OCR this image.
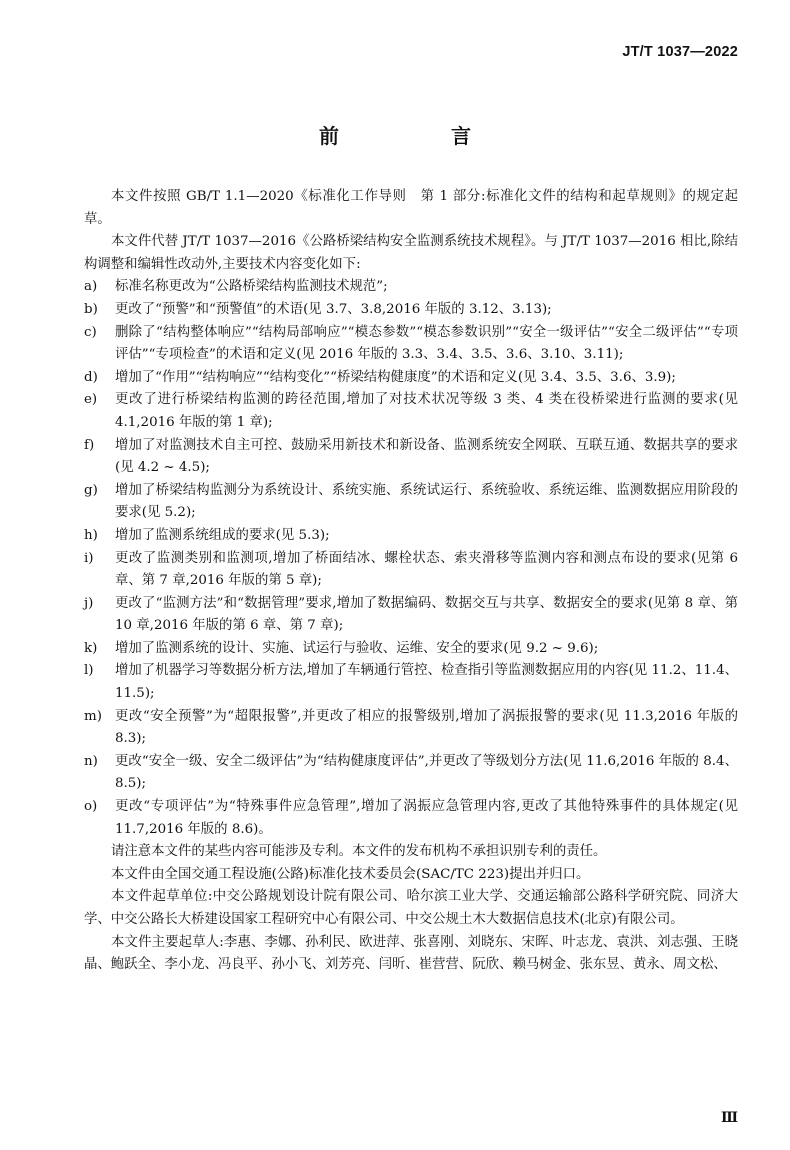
JT/T 1037—2022
前　言

本文件按照 GB/T 1.1—2020《标准化工作导则　第 1 部分:标准化文件的结构和起草规则》的规定起草。

本文件代替 JT/T 1037—2016《公路桥梁结构安全监测系统技术规程》。与 JT/T 1037—2016 相比,除结构调整和编辑性改动外,主要技术内容变化如下:

a)	标准名称更改为“公路桥梁结构监测技术规范”;
b)	更改了“预警”和“预警值”的术语(见 3.7、3.8,2016 年版的 3.12、3.13);
c)	删除了“结构整体响应”“结构局部响应”“模态参数”“模态参数识别”“安全一级评估”“安全二级评估”“专项评估”“专项检查”的术语和定义(见 2016 年版的 3.3、3.4、3.5、3.6、3.10、3.11);
d)	增加了“作用”“结构响应”“结构变化”“桥梁结构健康度”的术语和定义(见 3.4、3.5、3.6、3.9);
e)	更改了进行桥梁结构监测的跨径范围,增加了对技术状况等级 3 类、4 类在役桥梁进行监测的要求(见 4.1,2016 年版的第 1 章);
f)	增加了对监测技术自主可控、鼓励采用新技术和新设备、监测系统安全网联、互联互通、数据共享的要求(见 4.2 ~ 4.5);
g)	增加了桥梁结构监测分为系统设计、系统实施、系统试运行、系统验收、系统运维、监测数据应用阶段的要求(见 5.2);
h)	增加了监测系统组成的要求(见 5.3);
i)	更改了监测类别和监测项,增加了桥面结冰、螺栓状态、索夹滑移等监测内容和测点布设的要求(见第 6 章、第 7 章,2016 年版的第 5 章);
j)	更改了“监测方法”和“数据管理”要求,增加了数据编码、数据交互与共享、数据安全的要求(见第 8 章、第 10 章,2016 年版的第 6 章、第 7 章);
k)	增加了监测系统的设计、实施、试运行与验收、运维、安全的要求(见 9.2 ~ 9.6);
l)	增加了机器学习等数据分析方法,增加了车辆通行管控、检查指引等监测数据应用的内容(见 11.2、11.4、11.5);
m) 更改“安全预警”为“超限报警”,并更改了相应的报警级别,增加了涡振报警的要求(见 11.3,2016 年版的 8.3);
n)	更改“安全一级、安全二级评估”为“结构健康度评估”,并更改了等级划分方法(见 11.6,2016 年版的 8.4、8.5);
o)	更改“专项评估”为“特殊事件应急管理”,增加了涡振应急管理内容,更改了其他特殊事件的具体规定(见 11.7,2016 年版的 8.6)。

请注意本文件的某些内容可能涉及专利。本文件的发布机构不承担识别专利的责任。

本文件由全国交通工程设施(公路)标准化技术委员会(SAC/TC 223)提出并归口。

本文件起草单位:中交公路规划设计院有限公司、哈尔滨工业大学、交通运输部公路科学研究院、同济大学、中交公路长大桥建设国家工程研究中心有限公司、中交公规土木大数据信息技术(北京)有限公司。

本文件主要起草人:李惠、李娜、孙利民、欧进萍、张喜刚、刘晓东、宋晖、叶志龙、袁洪、刘志强、王晓晶、鲍跃全、李小龙、冯良平、孙小飞、刘芳亮、闫昕、崔营营、阮欣、赖马树金、张东昱、黄永、周文松、

Ⅲ
